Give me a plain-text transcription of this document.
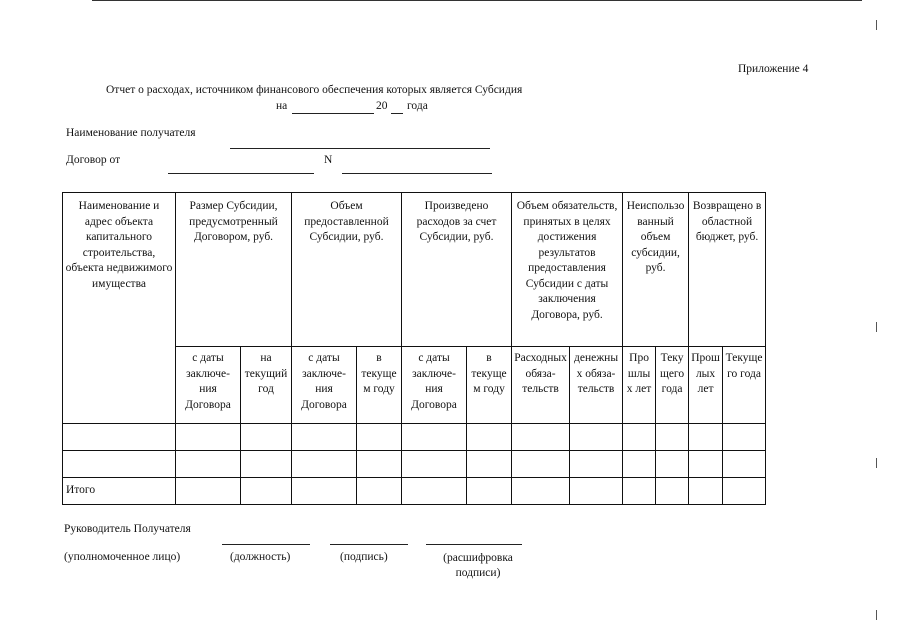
Приложение 4
Отчет о расходах, источником финансового обеспечения которых является Субсидия
на	20 года
Наименование получателя
Договор от	N
Наименование и адрес объекта капитального строительства, объекта недвижимого имущества	Размер Субсидии, предусмотренный Договором, руб.		Объем предоставленной Субсидии, руб.		Произведено расходов за счет Субсидии, руб.		Объем обязательств, принятых в целях достижения результатов предоставления Субсидии с даты заключения Договора, руб.		Неиспользованный объем субсидии, руб.		Возвращено в областной бюджет, руб.	
	с даты заключе-ния Договора	на текущий год	с даты заключе-ния Договора	в текущем году	с даты заключе-ния Договора	в текущем году	Расходных обяза-тельств	денежных обяза-тельств	Прошлых лет	Текущего года	Прошлых лет	Текущего года

Итого												
Руководитель Получателя
(уполномоченное лицо)	(должность)	(подпись)	(расшифровка подписи)
